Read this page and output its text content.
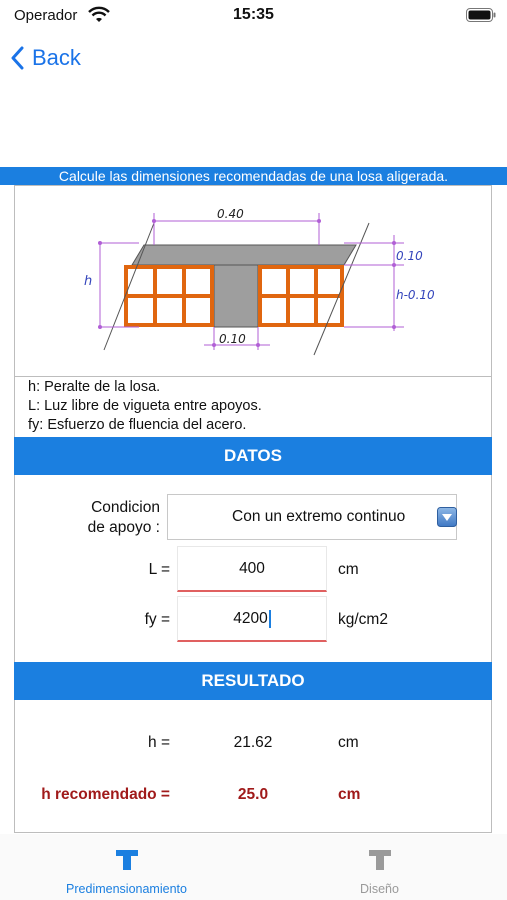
Operador	15:35
Back
Calcule las dimensiones recomendadas de una losa aligerada.
0.40
h
0.10
h-0.10
0.10
h: Peralte de la losa.
L: Luz libre de vigueta entre apoyos.
fy: Esfuerzo de fluencia del acero.
DATOS
Condicion
de apoyo :
Con un extremo continuo
L =	400	cm
fy =	4200	kg/cm2
RESULTADO
h =	21.62	cm
h recomendado =	25.0	cm
Predimensionamiento	Diseño
